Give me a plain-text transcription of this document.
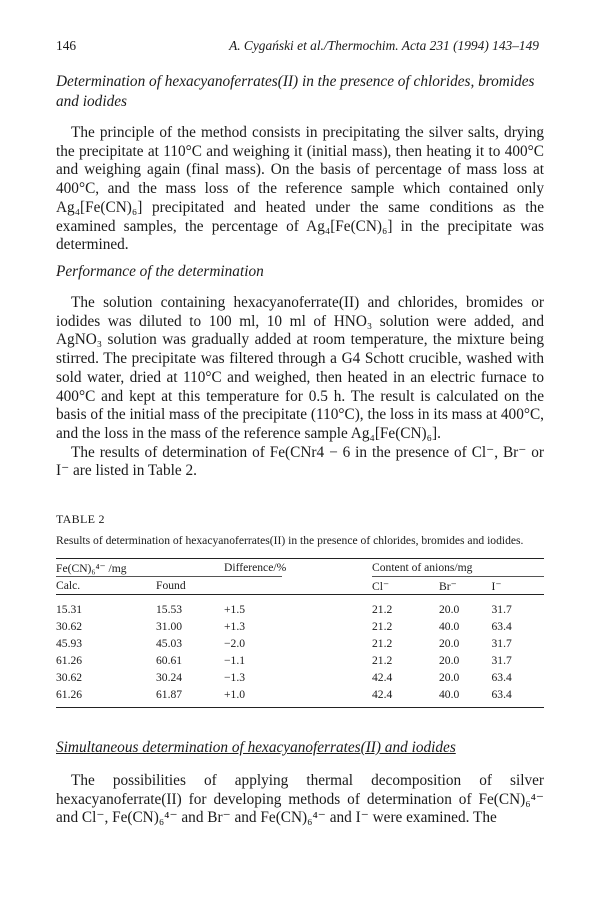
146	A. Cygański et al./Thermochim. Acta 231 (1994) 143–149

Determination of hexacyanoferrates(II) in the presence of chlorides, bromides and iodides

The principle of the method consists in precipitating the silver salts, drying the precipitate at 110°C and weighing it (initial mass), then heating it to 400°C and weighing again (final mass). On the basis of percentage of mass loss at 400°C, and the mass loss of the reference sample which contained only Ag₄[Fe(CN)₆] precipitated and heated under the same conditions as the examined samples, the percentage of Ag₄[Fe(CN)₆] in the precipitate was determined.

Performance of the determination

The solution containing hexacyanoferrate(II) and chlorides, bromides or iodides was diluted to 100 ml, 10 ml of HNO₃ solution were added, and AgNO₃ solution was gradually added at room temperature, the mixture being stirred. The precipitate was filtered through a G4 Schott crucible, washed with sold water, dried at 110°C and weighed, then heated in an electric furnace to 400°C and kept at this temperature for 0.5 h. The result is calculated on the basis of the initial mass of the precipitate (110°C), the loss in its mass at 400°C, and the loss in the mass of the reference sample Ag₄[Fe(CN)₆].

The results of determination of Fe(CNr4 − 6 in the presence of Cl⁻, Br⁻ or I⁻ are listed in Table 2.

TABLE 2

Results of determination of hexacyanoferrates(II) in the presence of chlorides, bromides and iodides.

Fe(CN)₆⁴⁻ /mg		Difference/%		Content of anions/mg		
Calc.	Found			Cl⁻	Br⁻	I⁻
15.31	15.53	+1.5		21.2	20.0	31.7
30.62	31.00	+1.3		21.2	40.0	63.4
45.93	45.03	−2.0		21.2	20.0	31.7
61.26	60.61	−1.1		21.2	20.0	31.7
30.62	30.24	−1.3		42.4	20.0	63.4
61.26	61.87	+1.0		42.4	40.0	63.4

Simultaneous determination of hexacyanoferrates(II) and iodides

The possibilities of applying thermal decomposition of silver hexacyanoferrate(II) for developing methods of determination of Fe(CN)₆⁴⁻ and Cl⁻, Fe(CN)₆⁴⁻ and Br⁻ and Fe(CN)₆⁴⁻ and I⁻ were examined. The
